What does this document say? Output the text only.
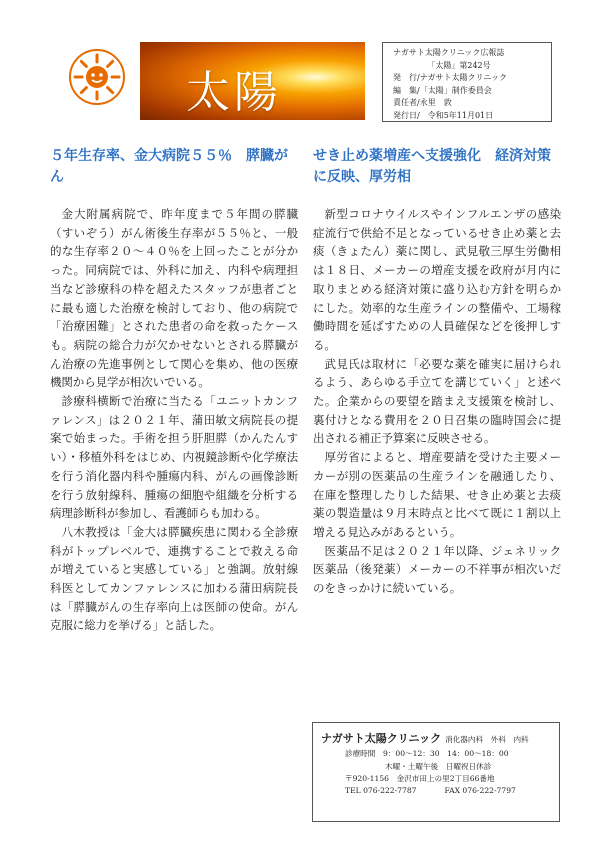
太陽
ナガサト太陽クリニック広報誌
「太陽」第242号
発　行/ナガサト太陽クリニック
編　集/「太陽」制作委員会
責任者/永里　敦
発行日/　令和5年11月01日
５年生存率、金大病院５５％　膵臓がん
せき止め薬増産へ支援強化　経済対策に反映、厚労相

金大附属病院で、昨年度まで５年間の膵臓（すいぞう）がん術後生存率が５５％と、一般的な生存率２０～４０％を上回ったことが分かった。同病院では、外科に加え、内科や病理担当など診療科の枠を超えたスタッフが患者ごとに最も適した治療を検討しており、他の病院で「治療困難」とされた患者の命を救ったケースも。病院の総合力が欠かせないとされる膵臓がん治療の先進事例として関心を集め、他の医療機関から見学が相次いでいる。

診療科横断で治療に当たる「ユニットカンファレンス」は２０２１年、蒲田敏文病院長の提案で始まった。手術を担う肝胆膵（かんたんすい）・移植外科をはじめ、内視鏡診断や化学療法を行う消化器内科や腫瘍内科、がんの画像診断を行う放射線科、腫瘍の細胞や組織を分析する病理診断科が参加し、看護師らも加わる。

八木教授は「金大は膵臓疾患に関わる全診療科がトップレベルで、連携することで救える命が増えていると実感している」と強調。放射線科医としてカンファレンスに加わる蒲田病院長は「膵臓がんの生存率向上は医師の使命。がん克服に総力を挙げる」と話した。

新型コロナウイルスやインフルエンザの感染症流行で供給不足となっているせき止め薬と去痰（きょたん）薬に関し、武見敬三厚生労働相は１８日、メーカーの増産支援を政府が月内に取りまとめる経済対策に盛り込む方針を明らかにした。効率的な生産ラインの整備や、工場稼働時間を延ばすための人員確保などを後押しする。

武見氏は取材に「必要な薬を確実に届けられるよう、あらゆる手立てを講じていく」と述べた。企業からの要望を踏まえ支援策を検討し、裏付けとなる費用を２０日召集の臨時国会に提出される補正予算案に反映させる。

厚労省によると、増産要請を受けた主要メーカーが別の医薬品の生産ラインを融通したり、在庫を整理したりした結果、せき止め薬と去痰薬の製造量は９月末時点と比べて既に１割以上増える見込みがあるという。

医薬品不足は２０２１年以降、ジェネリック医薬品（後発薬）メーカーの不祥事が相次いだのをきっかけに続いている。

ナガサト太陽クリニック 消化器内科　外科　内科
診療時間　9：00～12：30　14：00～18：00
木曜・土曜午後　日曜祝日休診
〒920-1156　金沢市田上の里2丁目66番地
TEL 076-222-7787	FAX 076-222-7797
